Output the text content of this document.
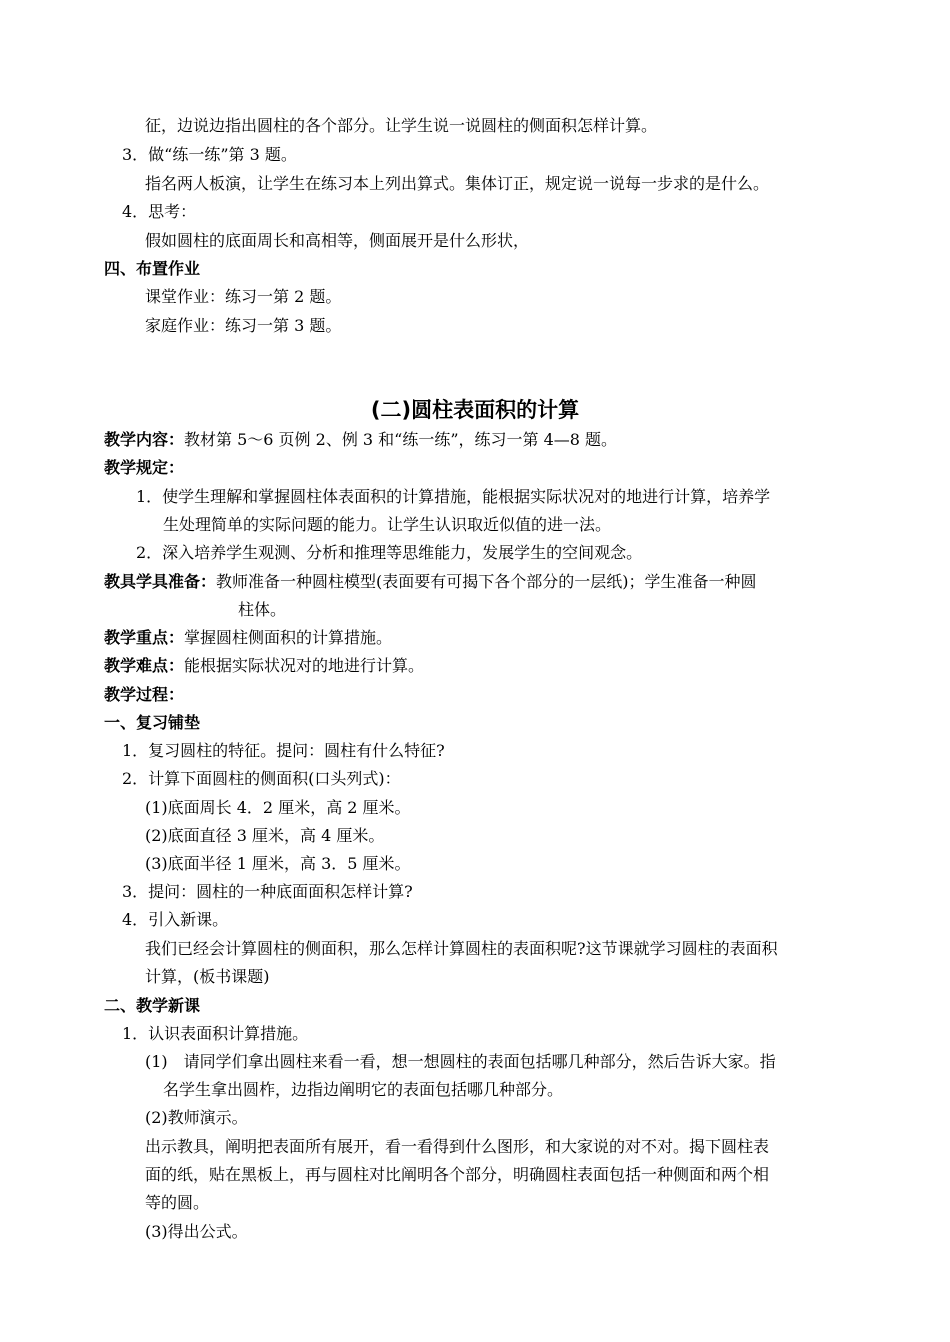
征，边说边指出圆柱的各个部分。让学生说一说圆柱的侧面积怎样计算。
3．做“练一练”第 3 题。
指名两人板演，让学生在练习本上列出算式。集体订正，规定说一说每一步求的是什么。
4．思考：
假如圆柱的底面周长和高相等，侧面展开是什么形状，
四、布置作业
课堂作业：练习一第 2 题。
家庭作业：练习一第 3 题。
(二)圆柱表面积的计算
教学内容：教材第 5～6 页例 2、例 3 和“练一练”，练习一第 4—8 题。
教学规定：
1．使学生理解和掌握圆柱体表面积的计算措施，能根据实际状况对的地进行计算，培养学
生处理简单的实际问题的能力。让学生认识取近似值的进一法。
2．深入培养学生观测、分析和推理等思维能力，发展学生的空间观念。
教具学具准备：教师准备一种圆柱模型(表面要有可揭下各个部分的一层纸)；学生准备一种圆
柱体。
教学重点：掌握圆柱侧面积的计算措施。
教学难点：能根据实际状况对的地进行计算。
教学过程：
一、复习铺垫
1．复习圆柱的特征。提问：圆柱有什么特征?
2．计算下面圆柱的侧面积(口头列式)：
(1)底面周长 4．2 厘米，高 2 厘米。
(2)底面直径 3 厘米，高 4 厘米。
(3)底面半径 1 厘米，高 3．5 厘米。
3．提问：圆柱的一种底面面积怎样计算?
4．引入新课。
我们已经会计算圆柱的侧面积，那么怎样计算圆柱的表面积呢?这节课就学习圆柱的表面积
计算，(板书课题)
二、教学新课
1．认识表面积计算措施。
(1)　请同学们拿出圆柱来看一看，想一想圆柱的表面包括哪几种部分，然后告诉大家。指
名学生拿出圆柞，边指边阐明它的表面包括哪几种部分。
(2)教师演示。
出示教具，阐明把表面所有展开，看一看得到什么图形，和大家说的对不对。揭下圆柱表
面的纸，贴在黑板上，再与圆柱对比阐明各个部分，明确圆柱表面包括一种侧面和两个相
等的圆。
(3)得出公式。
